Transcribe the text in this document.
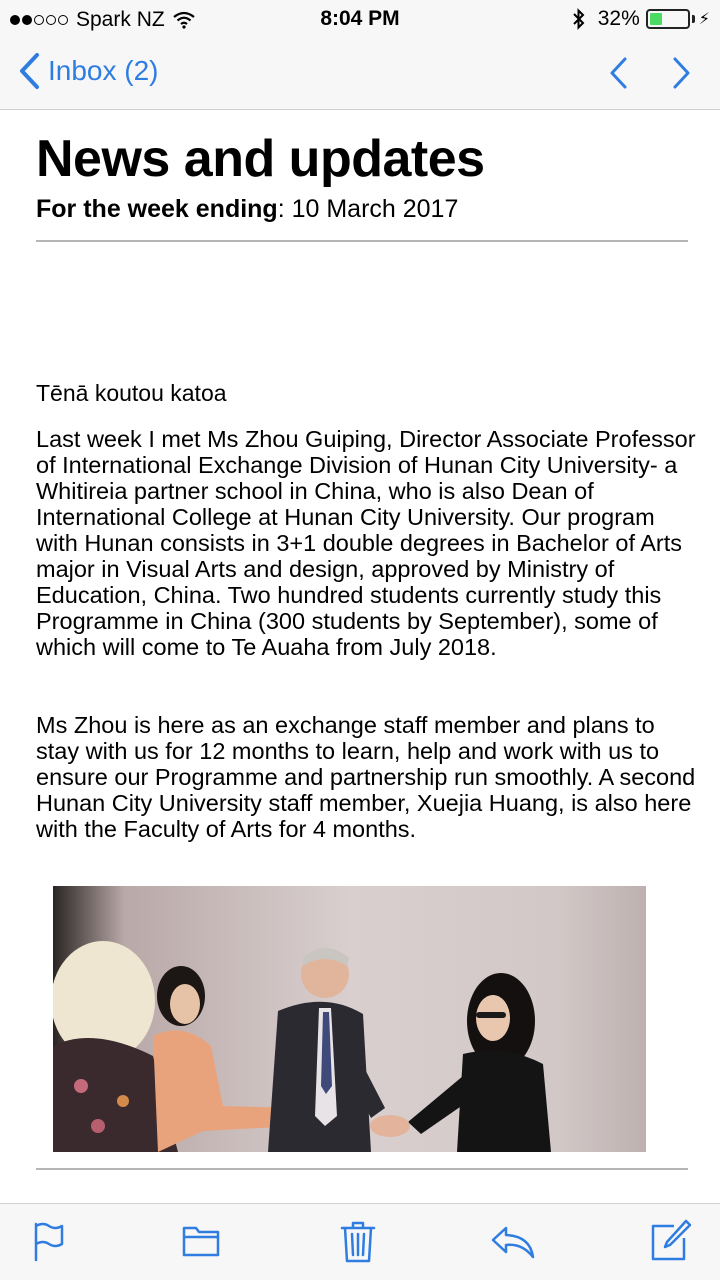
Spark NZ	8:04 PM	32%	⚡
Inbox (2)
News and updates
For the week ending: 10 March 2017
Tēnā koutou katoa
Last week I met Ms Zhou Guiping, Director Associate Professor of International Exchange Division of Hunan City University- a Whitireia partner school in China, who is also Dean of International College at Hunan City University. Our program with Hunan consists in 3+1 double degrees in Bachelor of Arts major in Visual Arts and design, approved by Ministry of Education, China. Two hundred students currently study this Programme in China (300 students by September), some of which will come to Te Auaha from July 2018.
Ms Zhou is here as an exchange staff member and plans to stay with us for 12 months to learn, help and work with us to ensure our Programme and partnership run smoothly. A second Hunan City University staff member, Xuejia Huang, is also here with the Faculty of Arts for 4 months.
